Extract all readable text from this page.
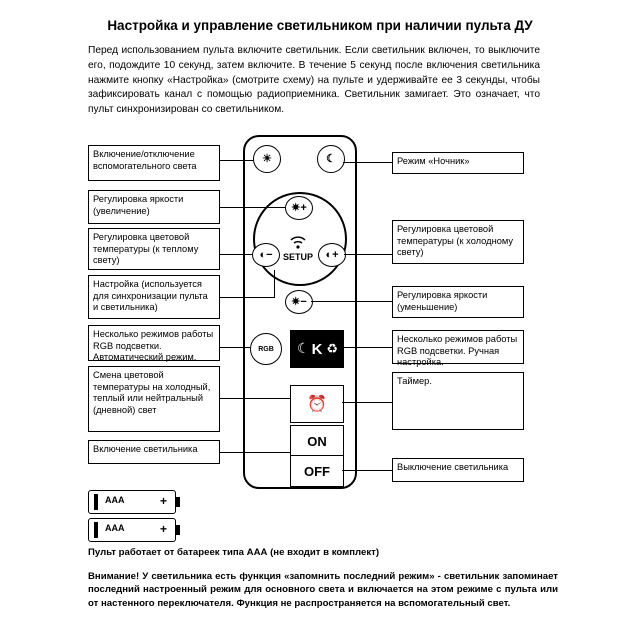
Настройка и управление светильником при наличии пульта ДУ
Перед использованием пульта включите светильник. Если светильник включен, то выключите его, подождите 10 секунд, затем включите. В течение 5 секунд после включения светильника нажмите кнопку «Настройка» (смотрите схему) на пульте и удерживайте ее 3 секунды, чтобы зафиксировать канал с помощью радиоприемника. Светильник замигает. Это означает, что пульт синхронизирован со светильником.
☀	☾
✷+
✷−
◐−	◐+
SETUP
RGB	K
☾ ♻
⏰
ON
OFF
Включение/отключение вспомогательного света
Регулировка яркости (увеличение)
Регулировка цветовой температуры (к теплому свету)
Настройка (используется для синхронизации пульта и светильника)
Несколько режимов работы RGB подсветки. Автоматический режим.
Смена цветовой температуры на холодный, теплый или нейтральный (дневной) свет
Включение светильника
Режим «Ночник»
Регулировка цветовой температуры (к холодному свету)
Регулировка яркости (уменьшение)
Несколько режимов работы RGB подсветки. Ручная настройка.
Таймер.
Выключение светильника
AAA	+
AAA	+
Пульт работает от батареек типа ААА (не входит в комплект)
Внимание! У светильника есть функция «запомнить последний режим» - светильник запоминает последний настроенный режим для основного света и включается на этом режиме с пульта или от настенного переключателя. Функция не распространяется на вспомогательный свет.
